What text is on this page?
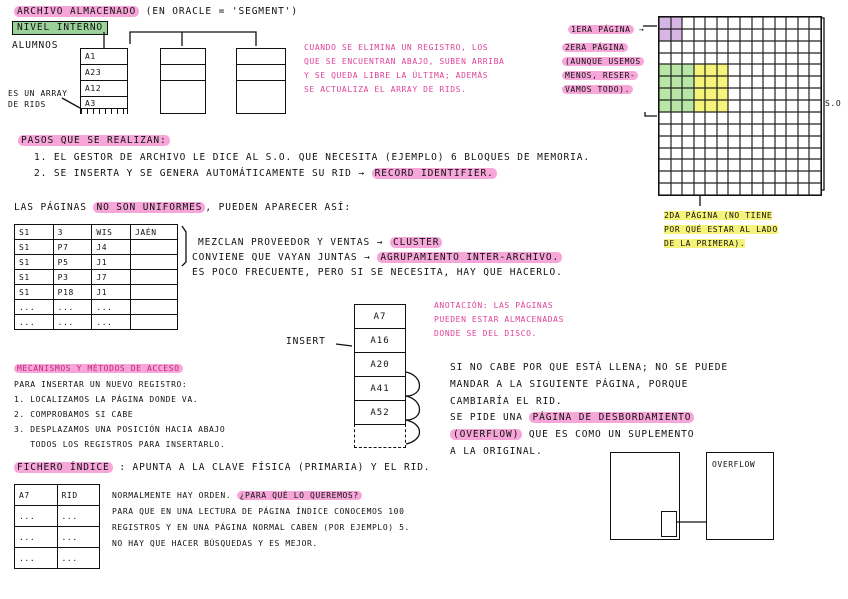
ARCHIVO ALMACENADO (EN ORACLE = 'SEGMENT')
NIVEL INTERNO
ALUMNOS
ES UN ARRAY DE RIDS
A1
A23
A12
A3
CUANDO SE ELIMINA UN REGISTRO, LOS
QUE SE ENCUENTRAN ABAJO, SUBEN ARRIBA
Y SE QUEDA LIBRE LA ÚLTIMA; ADEMÁS
SE ACTUALIZA EL ARRAY DE RIDS.
S.O
1ERA PÁGINA →
2ERA PÁGINA
(AUNQUE USEMOS
MENOS, RESER-
VAMOS TODO).
2DA PÁGINA (NO TIENE
POR QUÉ ESTAR AL LADO
DE LA PRIMERA).
PASOS QUE SE REALIZAN:
1. EL GESTOR DE ARCHIVO LE DICE AL S.O. QUE NECESITA (EJEMPLO) 6 BLOQUES DE MEMORIA.
2. SE INSERTA Y SE GENERA AUTOMÁTICAMENTE SU RID → RECORD IDENTIFIER.
LAS PÁGINAS NO SON UNIFORMES , PUEDEN APARECER ASÍ:
S1	3	WIS	JAÉN
S1	P7	J4	
S1	P5	J1	
S1	P3	J7	
S1	P18	J1	
...	...	...	
...	...	...	
MEZCLAN PROVEEDOR Y VENTAS → CLUSTER
CONVIENE QUE VAYAN JUNTAS → AGRUPAMIENTO INTER-ARCHIVO.
ES POCO FRECUENTE, PERO SI SE NECESITA, HAY QUE HACERLO.
ANOTACIÓN: LAS PÁGINAS
PUEDEN ESTAR ALMACENADAS
DONDE SE DEL DISCO.
INSERT
A7
A16
A20
A41
A52
MECANISMOS Y MÉTODOS DE ACCESO
PARA INSERTAR UN NUEVO REGISTRO:
1. LOCALIZAMOS LA PÁGINA DONDE VA.
2. COMPROBAMOS SI CABE
3. DESPLAZAMOS UNA POSICIÓN HACIA ABAJO
TODOS LOS REGISTROS PARA INSERTARLO.
SI NO CABE POR QUE ESTÁ LLENA; NO SE PUEDE
MANDAR A LA SIGUIENTE PÁGINA, PORQUE
CAMBIARÍA EL RID.
SE PIDE UNA PÁGINA DE DESBORDAMIENTO
(OVERFLOW) QUE ES COMO UN SUPLEMENTO
A LA ORIGINAL.
OVERFLOW
FICHERO ÍNDICE : APUNTA A LA CLAVE FÍSICA (PRIMARIA) Y EL RID.
A7	RID
...	...
...	...
...	...
NORMALMENTE HAY ORDEN. ¿PARA QUÉ LO QUEREMOS?
PARA QUE EN UNA LECTURA DE PÁGINA ÍNDICE CONOCEMOS 100
REGISTROS Y EN UNA PÁGINA NORMAL CABEN (POR EJEMPLO) 5.
NO HAY QUE HACER BÚSQUEDAS Y ES MEJOR.
